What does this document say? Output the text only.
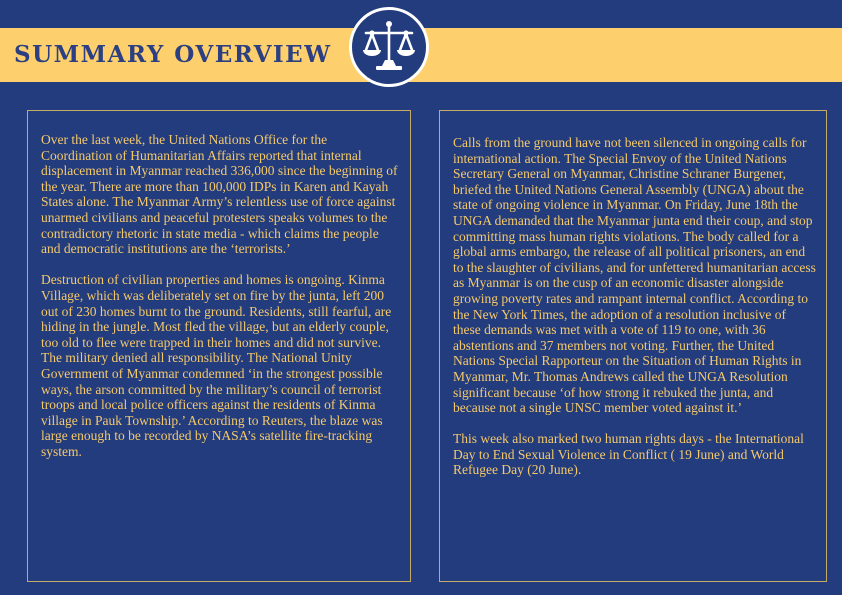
SUMMARY OVERVIEW

Over the last week, the United Nations Office for the Coordination of Humanitarian Affairs reported that internal displacement in Myanmar reached 336,000 since the beginning of the year. There are more than 100,000 IDPs in Karen and Kayah States alone. The Myanmar Army’s relentless use of force against unarmed civilians and peaceful protesters speaks volumes to the contradictory rhetoric in state media - which claims the people and democratic institutions are the ‘terrorists.’

Destruction of civilian properties and homes is ongoing. Kinma Village, which was deliberately set on fire by the junta, left 200 out of 230 homes burnt to the ground. Residents, still fearful, are hiding in the jungle. Most fled the village, but an elderly couple, too old to flee were trapped in their homes and did not survive. The military denied all responsibility. The National Unity Government of Myanmar condemned ‘in the strongest possible ways, the arson committed by the military’s council of terrorist troops and local police officers against the residents of Kinma village in Pauk Township.’ According to Reuters, the blaze was large enough to be recorded by NASA’s satellite fire-tracking system.

Calls from the ground have not been silenced in ongoing calls for international action. The Special Envoy of the United Nations Secretary General on Myanmar, Christine Schraner Burgener, briefed the United Nations General Assembly (UNGA) about the state of ongoing violence in Myanmar. On Friday, June 18th the UNGA demanded that the Myanmar junta end their coup, and stop committing mass human rights violations. The body called for a global arms embargo, the release of all political prisoners, an end to the slaughter of civilians, and for unfettered humanitarian access as Myanmar is on the cusp of an economic disaster alongside growing poverty rates and rampant internal conflict. According to the New York Times, the adoption of a resolution inclusive of these demands was met with a vote of 119 to one, with 36 abstentions and 37 members not voting. Further, the United Nations Special Rapporteur on the Situation of Human Rights in Myanmar, Mr. Thomas Andrews called the UNGA Resolution significant because ‘of how strong it rebuked the junta, and because not a single UNSC member voted against it.’

This week also marked two human rights days - the International Day to End Sexual Violence in Conflict ( 19 June) and World Refugee Day (20 June).
